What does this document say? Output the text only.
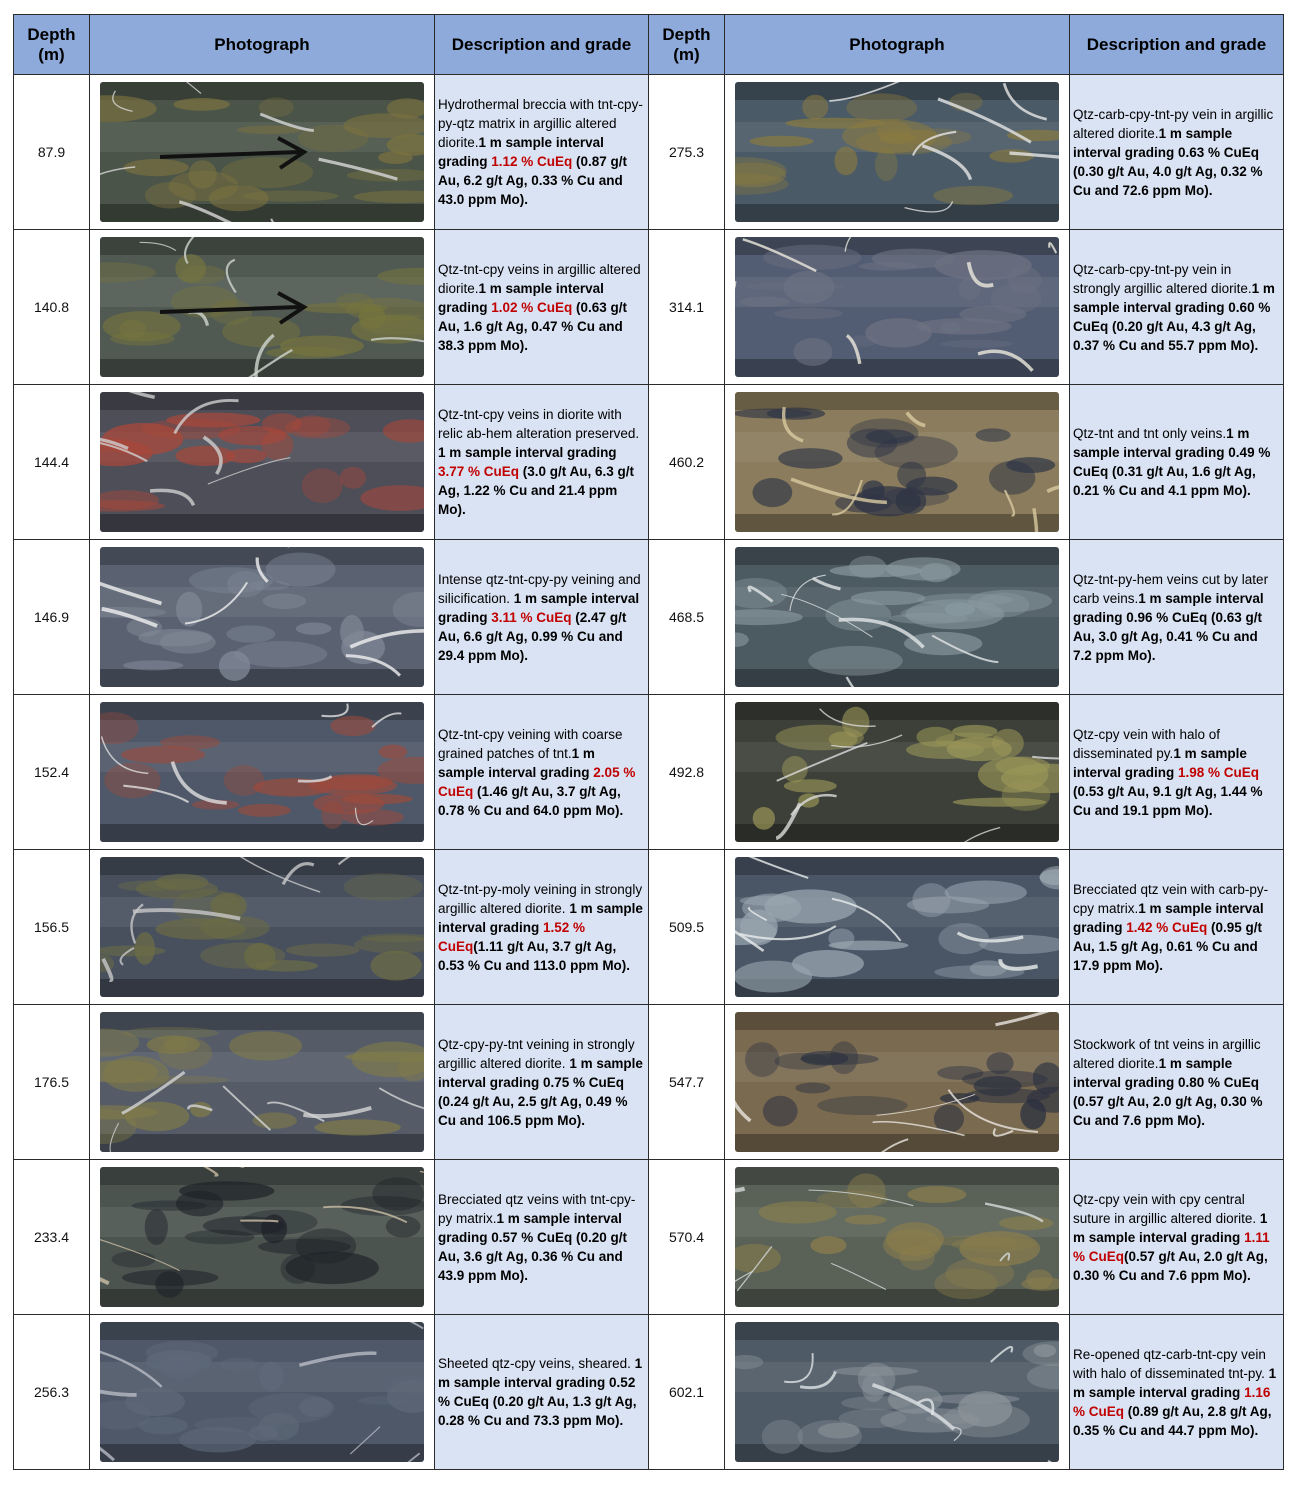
Depth
(m)	Photograph	Description and grade	Depth
(m)	Photograph	Description and grade
87.9		Hydrothermal breccia with tnt-cpy-py-qtz matrix in argillic altered diorite.1 m sample interval grading 1.12 % CuEq (0.87 g/t Au, 6.2 g/t Ag, 0.33 % Cu and 43.0 ppm Mo).	275.3		Qtz-carb-cpy-tnt-py vein in argillic altered diorite.1 m sample interval grading 0.63 % CuEq (0.30 g/t Au, 4.0 g/t Ag, 0.32 % Cu and 72.6 ppm Mo).
140.8		Qtz-tnt-cpy veins in argillic altered diorite.1 m sample interval grading 1.02 % CuEq (0.63 g/t Au, 1.6 g/t Ag, 0.47 % Cu and 38.3 ppm Mo).	314.1		Qtz-carb-cpy-tnt-py vein in strongly argillic altered diorite.1 m sample interval grading 0.60 % CuEq (0.20 g/t Au, 4.3 g/t Ag, 0.37 % Cu and 55.7 ppm Mo).
144.4		Qtz-tnt-cpy veins in diorite with relic ab-hem alteration preserved. 1 m sample interval grading 3.77 % CuEq (3.0 g/t Au, 6.3 g/t Ag, 1.22 % Cu and 21.4 ppm Mo).	460.2		Qtz-tnt and tnt only veins.1 m sample interval grading 0.49 % CuEq (0.31 g/t Au, 1.6 g/t Ag, 0.21 % Cu and 4.1 ppm Mo).
146.9		Intense qtz-tnt-cpy-py veining and silicification. 1 m sample interval grading 3.11 % CuEq (2.47 g/t Au, 6.6 g/t Ag, 0.99 % Cu and 29.4 ppm Mo).	468.5		Qtz-tnt-py-hem veins cut by later carb veins.1 m sample interval grading 0.96 % CuEq (0.63 g/t Au, 3.0 g/t Ag, 0.41 % Cu and 7.2 ppm Mo).
152.4		Qtz-tnt-cpy veining with coarse grained patches of tnt.1 m sample interval grading 2.05 % CuEq (1.46 g/t Au, 3.7 g/t Ag, 0.78 % Cu and 64.0 ppm Mo).	492.8		Qtz-cpy vein with halo of disseminated py.1 m sample interval grading 1.98 % CuEq (0.53 g/t Au, 9.1 g/t Ag, 1.44 % Cu and 19.1 ppm Mo).
156.5		Qtz-tnt-py-moly veining in strongly argillic altered diorite. 1 m sample interval grading 1.52 % CuEq(1.11 g/t Au, 3.7 g/t Ag, 0.53 % Cu and 113.0 ppm Mo).	509.5		Brecciated qtz vein with carb-py-cpy matrix.1 m sample interval grading 1.42 % CuEq (0.95 g/t Au, 1.5 g/t Ag, 0.61 % Cu and 17.9 ppm Mo).
176.5		Qtz-cpy-py-tnt veining in strongly argillic altered diorite. 1 m sample interval grading 0.75 % CuEq (0.24 g/t Au, 2.5 g/t Ag, 0.49 % Cu and 106.5 ppm Mo).	547.7		Stockwork of tnt veins in argillic altered diorite.1 m sample interval grading 0.80 % CuEq (0.57 g/t Au, 2.0 g/t Ag, 0.30 % Cu and 7.6 ppm Mo).
233.4		Brecciated qtz veins with tnt-cpy-py matrix.1 m sample interval grading 0.57 % CuEq (0.20 g/t Au, 3.6 g/t Ag, 0.36 % Cu and 43.9 ppm Mo).	570.4		Qtz-cpy vein with cpy central suture in argillic altered diorite. 1 m sample interval grading 1.11 % CuEq(0.57 g/t Au, 2.0 g/t Ag, 0.30 % Cu and 7.6 ppm Mo).
256.3		Sheeted qtz-cpy veins, sheared. 1 m sample interval grading 0.52 % CuEq (0.20 g/t Au, 1.3 g/t Ag, 0.28 % Cu and 73.3 ppm Mo).	602.1		Re-opened qtz-carb-tnt-cpy vein with halo of disseminated tnt-py. 1 m sample interval grading 1.16 % CuEq (0.89 g/t Au, 2.8 g/t Ag, 0.35 % Cu and 44.7 ppm Mo).
